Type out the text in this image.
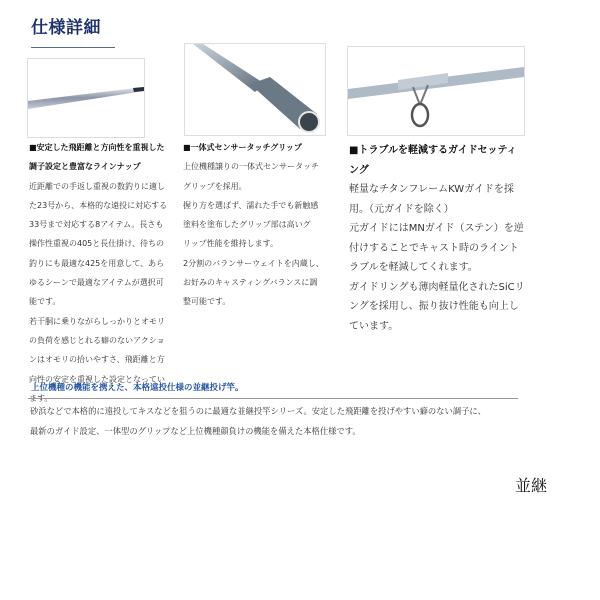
仕様詳細
■安定した飛距離と方向性を重視した
調子設定と豊富なラインナップ
近距離での手返し重視の数釣りに適し
た23号から、本格的な遠投に対応する
33号まで対応する8アイテム。長さも
操作性重視の405と長仕掛け、待ちの
釣りにも最適な425を用意して、あら
ゆるシーンで最適なアイテムが選択可
能です。
若干胴に乗りながらしっかりとオモリ
の負荷を感じとれる癖のないアクショ
ンはオモリの拾いやすさ、飛距離と方
向性の安定を重視した設定となってい
■一体式センサータッチグリップ
上位機種譲りの一体式センサータッチ
グリップを採用。
握り方を選ばず、濡れた手でも新触感
塗料を塗布したグリップ部は高いグ
リップ性能を維持します。
2分割のバランサーウェイトを内蔵し、
お好みのキャスティングバランスに調
整可能です。
■トラブルを軽減するガイドセッティ
ング
軽量なチタンフレームKWガイドを採
用。（元ガイドを除く）
元ガイドにはMNガイド（ステン）を逆
付けすることでキャスト時のライント
ラブルを軽減してくれます。
ガイドリングも薄肉軽量化されたSiCリ
ングを採用し、振り抜け性能も向上し
ています。
上位機種の機能を携えた、本格遠投仕様の並継投げ竿。
砂浜などで本格的に遠投してキスなどを狙うのに最適な並継投竿シリーズ。安定した飛距離を投げやすい癖のない調子に、
最新のガイド設定、一体型のグリップなど上位機種顔負けの機能を備えた本格仕様です。
並継
